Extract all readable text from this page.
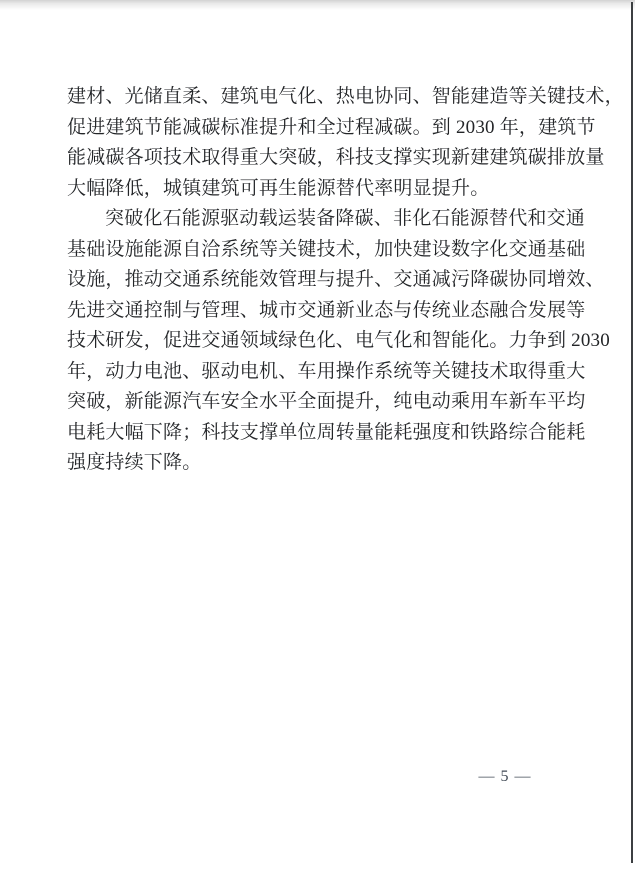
建材、光储直柔、建筑电气化、热电协同、智能建造等关键技术，
促进建筑节能减碳标准提升和全过程减碳。到 2030 年，建筑节
能减碳各项技术取得重大突破，科技支撑实现新建建筑碳排放量
大幅降低，城镇建筑可再生能源替代率明显提升。
突破化石能源驱动载运装备降碳、非化石能源替代和交通
基础设施能源自洽系统等关键技术，加快建设数字化交通基础
设施，推动交通系统能效管理与提升、交通减污降碳协同增效、
先进交通控制与管理、城市交通新业态与传统业态融合发展等
技术研发，促进交通领域绿色化、电气化和智能化。力争到 2030
年，动力电池、驱动电机、车用操作系统等关键技术取得重大
突破，新能源汽车安全水平全面提升，纯电动乘用车新车平均
电耗大幅下降；科技支撑单位周转量能耗强度和铁路综合能耗
强度持续下降。
— 5 —
